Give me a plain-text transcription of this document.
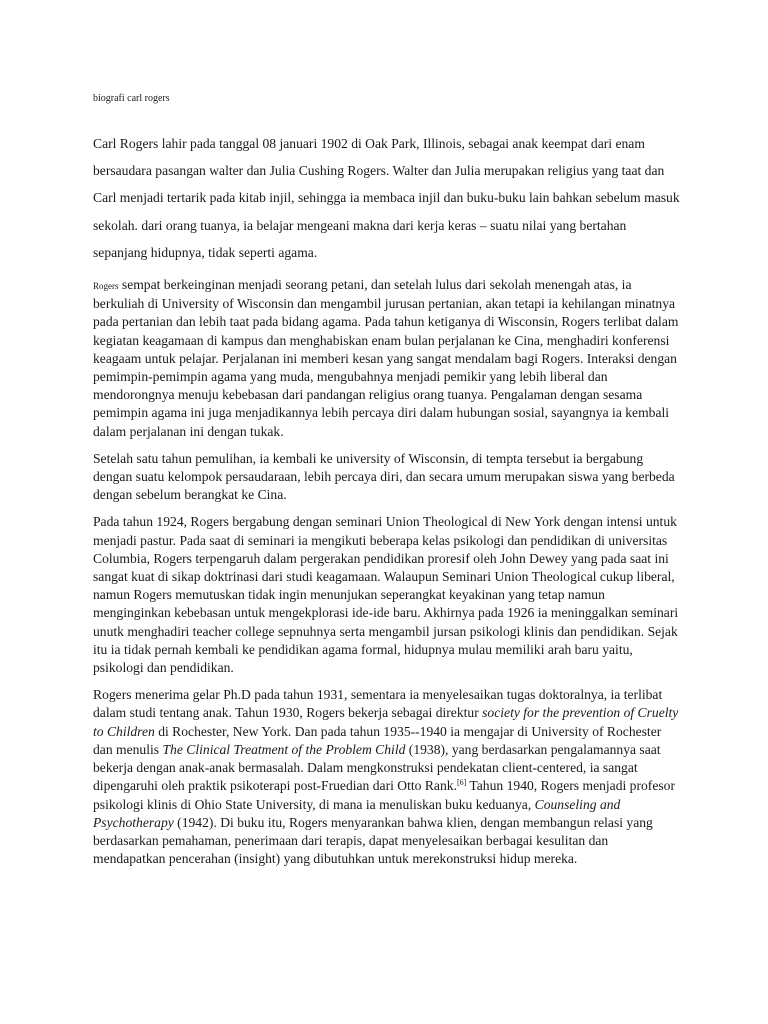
biografi carl rogers

Carl Rogers lahir pada tanggal 08 januari 1902 di Oak Park, Illinois, sebagai anak keempat dari enam bersaudara pasangan walter dan Julia Cushing Rogers. Walter dan Julia merupakan religius yang taat dan Carl menjadi tertarik pada kitab injil, sehingga ia membaca injil dan buku-buku lain bahkan sebelum masuk sekolah. dari orang tuanya, ia belajar mengeani makna dari kerja keras – suatu nilai yang bertahan sepanjang hidupnya, tidak seperti agama.

Rogers sempat berkeinginan menjadi seorang petani, dan setelah lulus dari sekolah menengah atas, ia berkuliah di University of Wisconsin dan mengambil jurusan pertanian, akan tetapi ia kehilangan minatnya pada pertanian dan lebih taat pada bidang agama. Pada tahun ketiganya di Wisconsin, Rogers terlibat dalam kegiatan keagamaan di kampus dan menghabiskan enam bulan perjalanan ke Cina, menghadiri konferensi keagaam untuk pelajar. Perjalanan ini memberi kesan yang sangat mendalam bagi Rogers. Interaksi dengan pemimpin-pemimpin agama yang muda, mengubahnya menjadi pemikir yang lebih liberal dan mendorongnya menuju kebebasan dari pandangan religius orang tuanya. Pengalaman dengan sesama pemimpin agama ini juga menjadikannya lebih percaya diri dalam hubungan sosial, sayangnya ia kembali dalam perjalanan ini dengan tukak.

Setelah satu tahun pemulihan, ia kembali ke university of Wisconsin, di tempta tersebut ia bergabung dengan suatu kelompok persaudaraan, lebih percaya diri, dan secara umum merupakan siswa yang berbeda dengan sebelum berangkat ke Cina.

Pada tahun 1924, Rogers bergabung dengan seminari Union Theological di New York dengan intensi untuk menjadi pastur. Pada saat di seminari ia mengikuti beberapa kelas psikologi dan pendidikan di universitas Columbia, Rogers terpengaruh dalam pergerakan pendidikan proresif oleh John Dewey yang pada saat ini sangat kuat di sikap doktrinasi dari studi keagamaan. Walaupun Seminari Union Theological cukup liberal, namun Rogers memutuskan tidak ingin menunjukan seperangkat keyakinan yang tetap namun menginginkan kebebasan untuk mengekplorasi ide-ide baru. Akhirnya pada 1926 ia meninggalkan seminari unutk menghadiri teacher college sepnuhnya serta mengambil jursan psikologi klinis dan pendidikan. Sejak itu ia tidak pernah kembali ke pendidikan agama formal, hidupnya mulau memiliki arah baru yaitu, psikologi dan pendidikan.

Rogers menerima gelar Ph.D pada tahun 1931, sementara ia menyelesaikan tugas doktoralnya, ia terlibat dalam studi tentang anak. Tahun 1930, Rogers bekerja sebagai direktur society for the prevention of Cruelty to Children di Rochester, New York. Dan pada tahun 1935--1940 ia mengajar di University of Rochester dan menulis The Clinical Treatment of the Problem Child (1938), yang berdasarkan pengalamannya saat bekerja dengan anak-anak bermasalah. Dalam mengkonstruksi pendekatan client-centered, ia sangat dipengaruhi oleh praktik psikoterapi post-Fruedian dari Otto Rank.[6] Tahun 1940, Rogers menjadi profesor psikologi klinis di Ohio State University, di mana ia menuliskan buku keduanya, Counseling and Psychotherapy (1942). Di buku itu, Rogers menyarankan bahwa klien, dengan membangun relasi yang berdasarkan pemahaman, penerimaan dari terapis, dapat menyelesaikan berbagai kesulitan dan mendapatkan pencerahan (insight) yang dibutuhkan untuk merekonstruksi hidup mereka.
